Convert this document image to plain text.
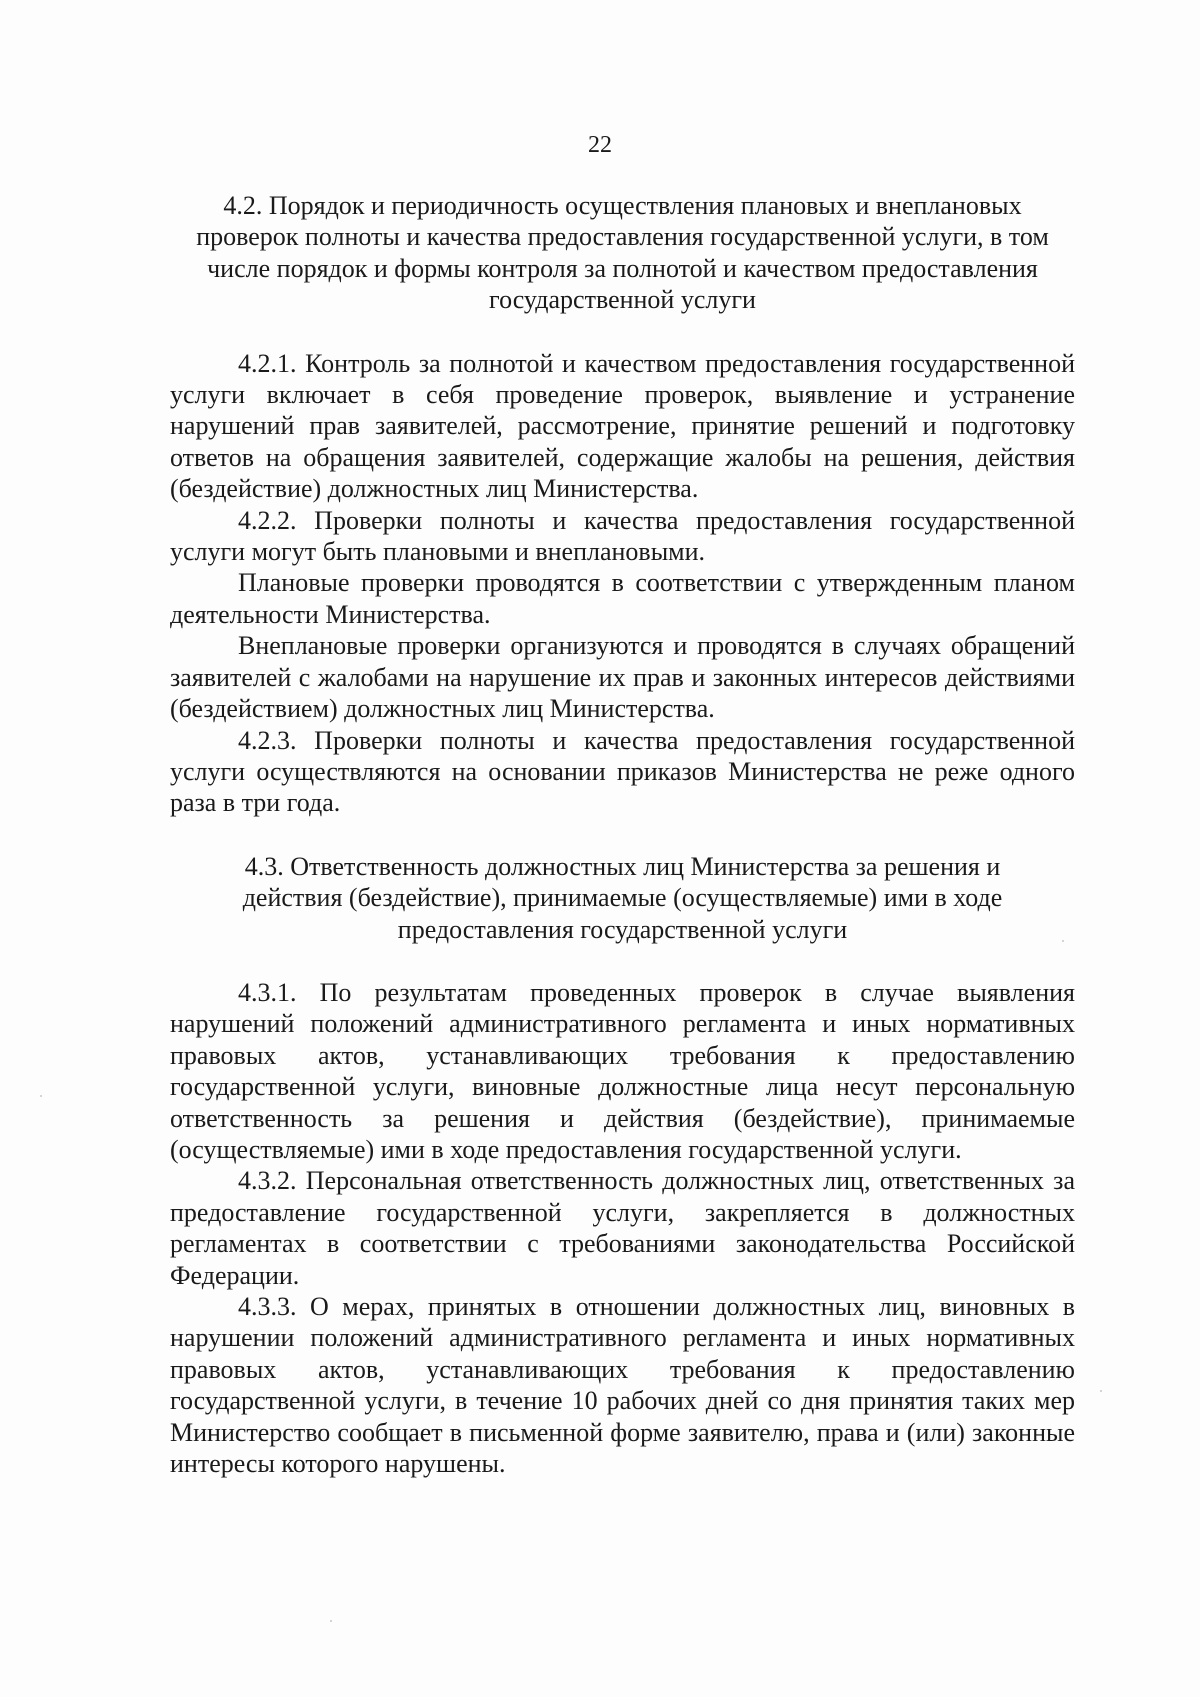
22

4.2. Порядок и периодичность осуществления плановых и внеплановых проверок полноты и качества предоставления государственной услуги, в том числе порядок и формы контроля за полнотой и качеством предоставления государственной услуги

4.2.1. Контроль за полнотой и качеством предоставления государственной услуги включает в себя проведение проверок, выявление и устранение нарушений прав заявителей, рассмотрение, принятие решений и подготовку ответов на обращения заявителей, содержащие жалобы на решения, действия (бездействие) должностных лиц Министерства.

4.2.2. Проверки полноты и качества предоставления государственной услуги могут быть плановыми и внеплановыми.

Плановые проверки проводятся в соответствии с утвержденным планом деятельности Министерства.

Внеплановые проверки организуются и проводятся в случаях обращений заявителей с жалобами на нарушение их прав и законных интересов действиями (бездействием) должностных лиц Министерства.

4.2.3. Проверки полноты и качества предоставления государственной услуги осуществляются на основании приказов Министерства не реже одного раза в три года.

4.3. Ответственность должностных лиц Министерства за решения и действия (бездействие), принимаемые (осуществляемые) ими в ходе предоставления государственной услуги

4.3.1. По результатам проведенных проверок в случае выявления нарушений положений административного регламента и иных нормативных правовых актов, устанавливающих требования к предоставлению государственной услуги, виновные должностные лица несут персональную ответственность за решения и действия (бездействие), принимаемые (осуществляемые) ими в ходе предоставления государственной услуги.

4.3.2. Персональная ответственность должностных лиц, ответственных за предоставление государственной услуги, закрепляется в должностных регламентах в соответствии с требованиями законодательства Российской Федерации.

4.3.3. О мерах, принятых в отношении должностных лиц, виновных в нарушении положений административного регламента и иных нормативных правовых актов, устанавливающих требования к предоставлению государственной услуги, в течение 10 рабочих дней со дня принятия таких мер Министерство сообщает в письменной форме заявителю, права и (или) законные интересы которого нарушены.
